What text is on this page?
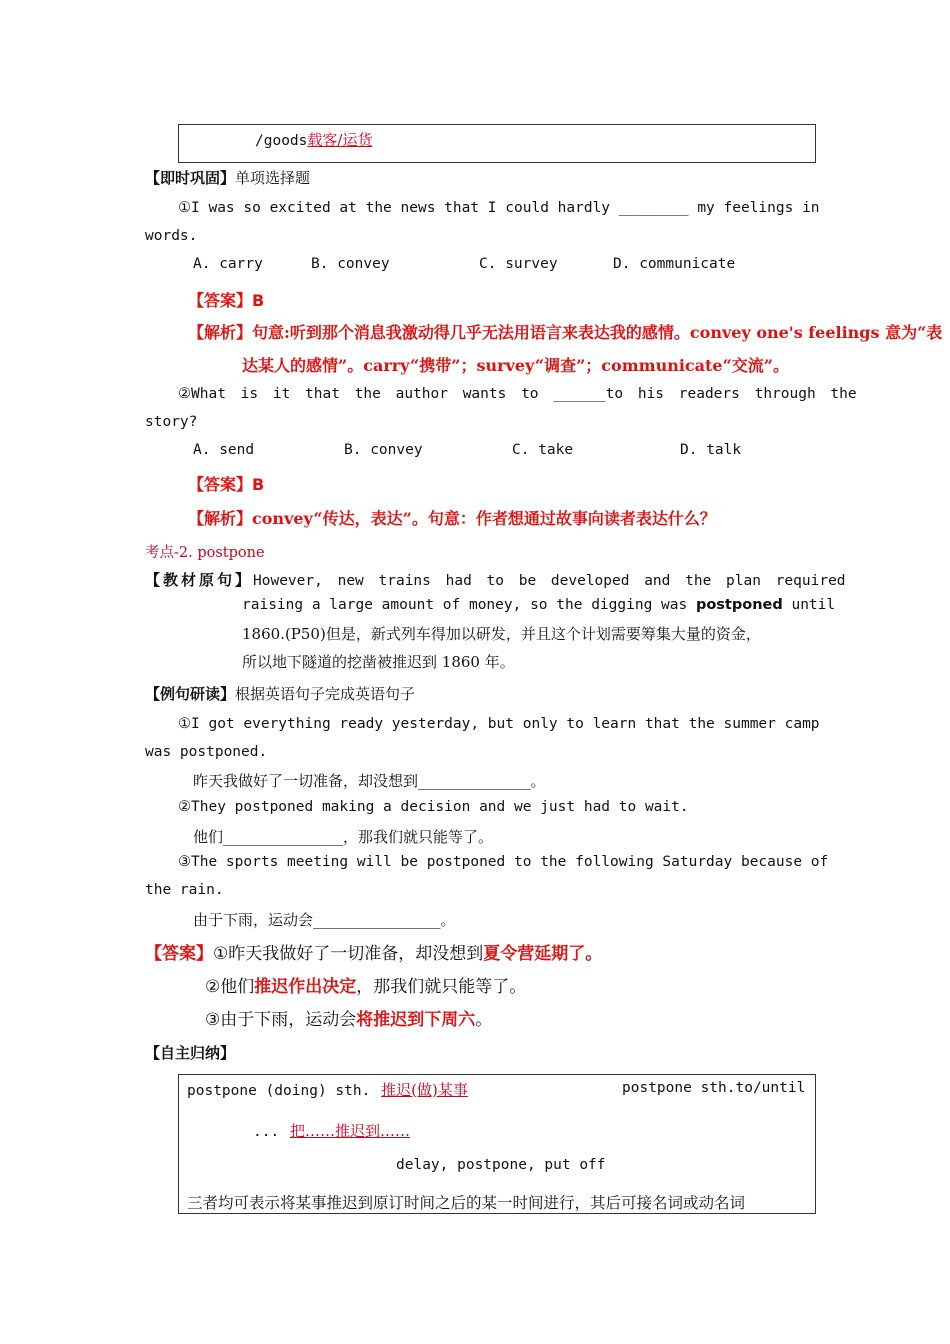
/goods载客/运货
【即时巩固】单项选择题
①I was so excited at the news that I could hardly ________ my feelings in
words.
A. carry	B. convey	C. survey	D. communicate
【答案】B
【解析】句意:听到那个消息我激动得几乎无法用语言来表达我的感情。convey one's feelings 意为“表
达某人的感情”。carry“携带”；survey“调查”；communicate“交流”。
②What is it that the author wants to ______to his readers through the
story?
A. send	B. convey	C. take	D. talk
【答案】B
【解析】convey“传达，表达”。句意：作者想通过故事向读者表达什么？
考点-2. postpone
【教材原句】However, new trains had to be developed and the plan required
raising a large amount of money, so the digging was postponed until
1860.(P50)但是，新式列车得加以研发，并且这个计划需要筹集大量的资金，
所以地下隧道的挖凿被推迟到 1860 年。
【例句研读】根据英语句子完成英语句子
①I got everything ready yesterday, but only to learn that the summer camp
was postponed.
昨天我做好了一切准备，却没想到_______________。
②They postponed making a decision and we just had to wait.
他们________________，那我们就只能等了。
③The sports meeting will be postponed to the following Saturday because of
the rain.
由于下雨，运动会_________________。
【答案】①昨天我做好了一切准备，却没想到夏令营延期了。
②他们推迟作出决定，那我们就只能等了。
③由于下雨，运动会将推迟到下周六。
【自主归纳】
postpone (doing) sth. 推迟(做)某事	postpone sth.to/until
... 把……推迟到……
delay, postpone, put off
三者均可表示将某事推迟到原订时间之后的某一时间进行，其后可接名词或动名词
